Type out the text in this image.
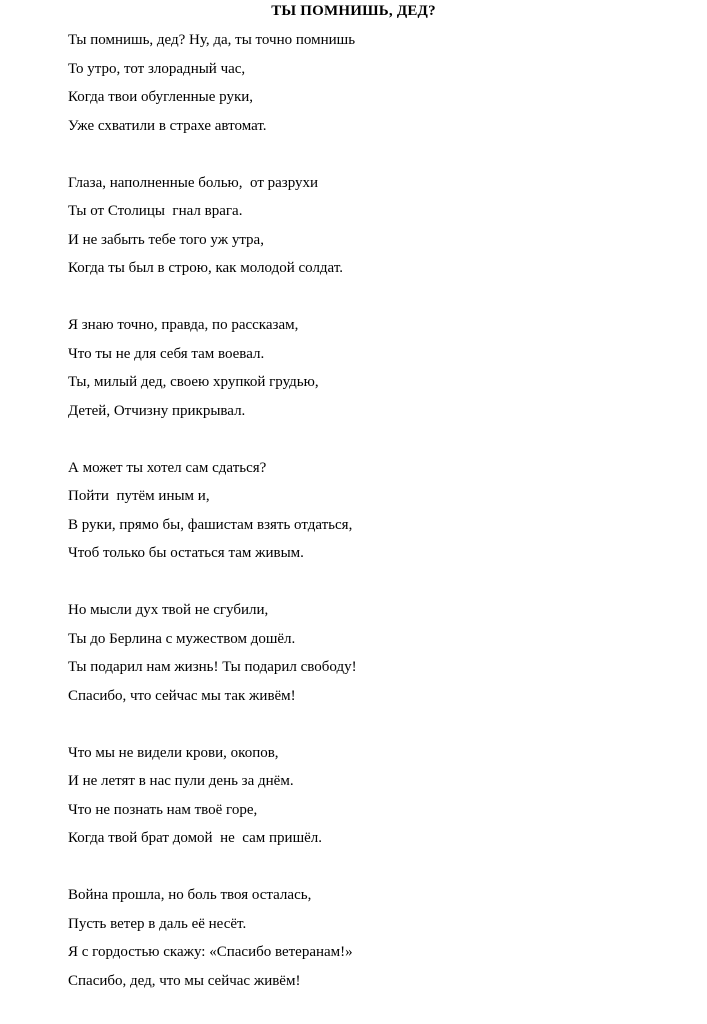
ТЫ ПОМНИШЬ, ДЕД?
Ты помнишь, дед? Ну, да, ты точно помнишь
То утро, тот злорадный час,
Когда твои обугленные руки,
Уже схватили в страхе автомат.
Глаза, наполненные болью,  от разрухи
Ты от Столицы  гнал врага.
И не забыть тебе того уж утра,
Когда ты был в строю, как молодой солдат.
Я знаю точно, правда, по рассказам,
Что ты не для себя там воевал.
Ты, милый дед, своею хрупкой грудью,
Детей, Отчизну прикрывал.
А может ты хотел сам сдаться?
Пойти  путём иным и,
В руки, прямо бы, фашистам взять отдаться,
Чтоб только бы остаться там живым.
Но мысли дух твой не сгубили,
Ты до Берлина с мужеством дошёл.
Ты подарил нам жизнь! Ты подарил свободу!
Спасибо, что сейчас мы так живём!
Что мы не видели крови, окопов,
И не летят в нас пули день за днём.
Что не познать нам твоё горе,
Когда твой брат домой  не  сам пришёл.
Война прошла, но боль твоя осталась,
Пусть ветер в даль её несёт.
Я с гордостью скажу: «Спасибо ветеранам!»
Спасибо, дед, что мы сейчас живём!
